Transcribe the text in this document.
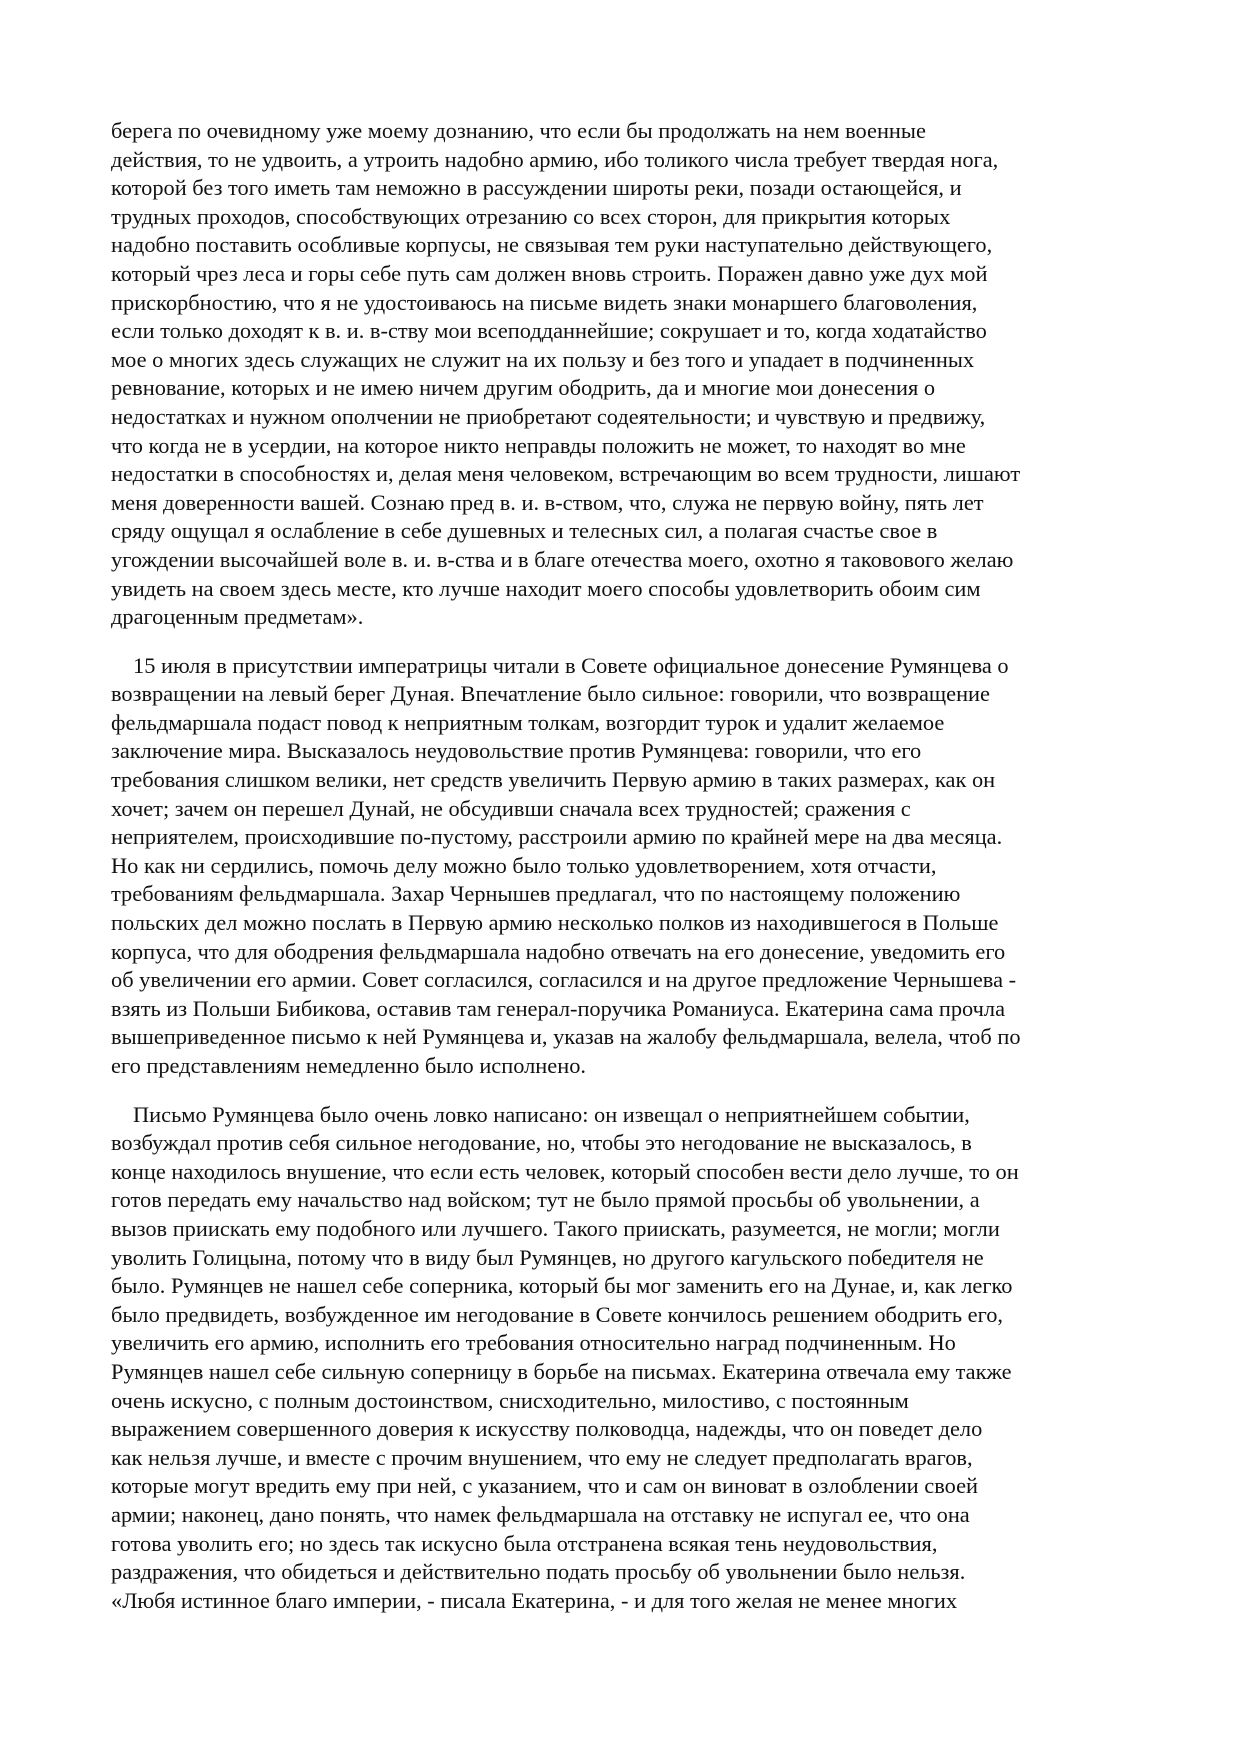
берега по очевидному уже моему дознанию, что если бы продолжать на нем военные
действия, то не удвоить, а утроить надобно армию, ибо толикого числа требует твердая нога,
которой без того иметь там неможно в рассуждении широты реки, позади остающейся, и
трудных проходов, способствующих отрезанию со всех сторон, для прикрытия которых
надобно поставить особливые корпусы, не связывая тем руки наступательно действующего,
который чрез леса и горы себе путь сам должен вновь строить. Поражен давно уже дух мой
прискорбностию, что я не удостоиваюсь на письме видеть знаки монаршего благоволения,
если только доходят к в. и. в-ству мои всеподданнейшие; сокрушает и то, когда ходатайство
мое о многих здесь служащих не служит на их пользу и без того и упадает в подчиненных
ревнование, которых и не имею ничем другим ободрить, да и многие мои донесения о
недостатках и нужном ополчении не приобретают содеятельности; и чувствую и предвижу,
что когда не в усердии, на которое никто неправды положить не может, то находят во мне
недостатки в способностях и, делая меня человеком, встречающим во всем трудности, лишают
меня доверенности вашей. Сознаю пред в. и. в-ством, что, служа не первую войну, пять лет
сряду ощущал я ослабление в себе душевных и телесных сил, а полагая счастье свое в
угождении высочайшей воле в. и. в-ства и в благе отечества моего, охотно я таковового желаю
увидеть на своем здесь месте, кто лучше находит моего способы удовлетворить обоим сим
драгоценным предметам».
15 июля в присутствии императрицы читали в Совете официальное донесение Румянцева о
возвращении на левый берег Дуная. Впечатление было сильное: говорили, что возвращение
фельдмаршала подаст повод к неприятным толкам, возгордит турок и удалит желаемое
заключение мира. Высказалось неудовольствие против Румянцева: говорили, что его
требования слишком велики, нет средств увеличить Первую армию в таких размерах, как он
хочет; зачем он перешел Дунай, не обсудивши сначала всех трудностей; сражения с
неприятелем, происходившие по-пустому, расстроили армию по крайней мере на два месяца.
Но как ни сердились, помочь делу можно было только удовлетворением, хотя отчасти,
требованиям фельдмаршала. Захар Чернышев предлагал, что по настоящему положению
польских дел можно послать в Первую армию несколько полков из находившегося в Польше
корпуса, что для ободрения фельдмаршала надобно отвечать на его донесение, уведомить его
об увеличении его армии. Совет согласился, согласился и на другое предложение Чернышева -
взять из Польши Бибикова, оставив там генерал-поручика Романиуса. Екатерина сама прочла
вышеприведенное письмо к ней Румянцева и, указав на жалобу фельдмаршала, велела, чтоб по
его представлениям немедленно было исполнено.
Письмо Румянцева было очень ловко написано: он извещал о неприятнейшем событии,
возбуждал против себя сильное негодование, но, чтобы это негодование не высказалось, в
конце находилось внушение, что если есть человек, который способен вести дело лучше, то он
готов передать ему начальство над войском; тут не было прямой просьбы об увольнении, а
вызов приискать ему подобного или лучшего. Такого приискать, разумеется, не могли; могли
уволить Голицына, потому что в виду был Румянцев, но другого кагульского победителя не
было. Румянцев не нашел себе соперника, который бы мог заменить его на Дунае, и, как легко
было предвидеть, возбужденное им негодование в Совете кончилось решением ободрить его,
увеличить его армию, исполнить его требования относительно наград подчиненным. Но
Румянцев нашел себе сильную соперницу в борьбе на письмах. Екатерина отвечала ему также
очень искусно, с полным достоинством, снисходительно, милостиво, с постоянным
выражением совершенного доверия к искусству полководца, надежды, что он поведет дело
как нельзя лучше, и вместе с прочим внушением, что ему не следует предполагать врагов,
которые могут вредить ему при ней, с указанием, что и сам он виноват в озлоблении своей
армии; наконец, дано понять, что намек фельдмаршала на отставку не испугал ее, что она
готова уволить его; но здесь так искусно была отстранена всякая тень неудовольствия,
раздражения, что обидеться и действительно подать просьбу об увольнении было нельзя.
«Любя истинное благо империи, - писала Екатерина, - и для того желая не менее многих
